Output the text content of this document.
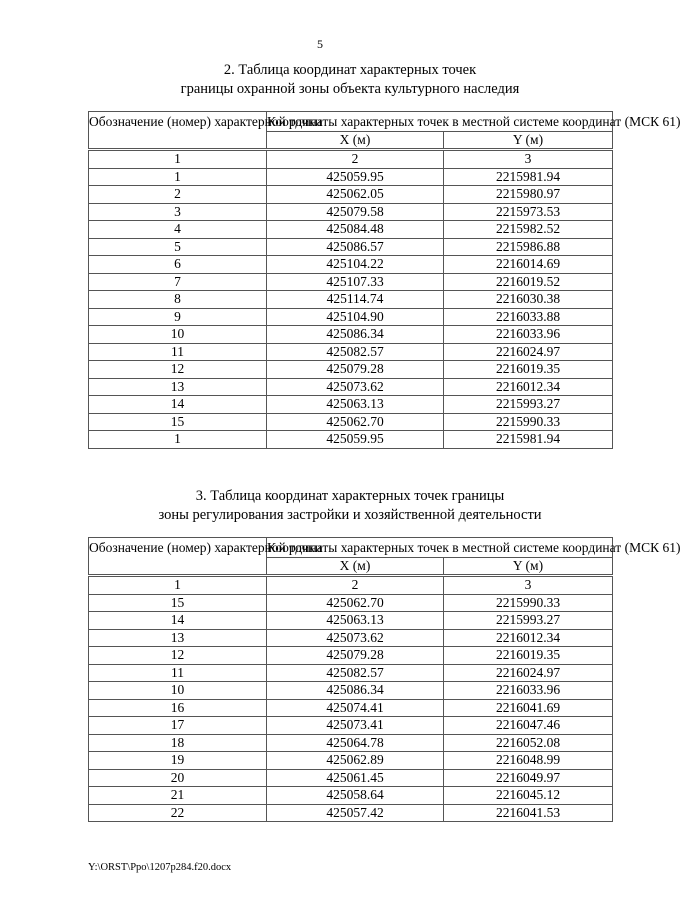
5
2. Таблица координат характерных точек
границы охранной зоны объекта культурного наследия
Обозначение (номер) характерной точки	Координаты характерных точек в местной системе координат (МСК 61)	
	X (м)	Y (м)
1	2	3
1	425059.95	2215981.94
2	425062.05	2215980.97
3	425079.58	2215973.53
4	425084.48	2215982.52
5	425086.57	2215986.88
6	425104.22	2216014.69
7	425107.33	2216019.52
8	425114.74	2216030.38
9	425104.90	2216033.88
10	425086.34	2216033.96
11	425082.57	2216024.97
12	425079.28	2216019.35
13	425073.62	2216012.34
14	425063.13	2215993.27
15	425062.70	2215990.33
1	425059.95	2215981.94
3. Таблица координат характерных точек границы
зоны регулирования застройки и хозяйственной деятельности
Обозначение (номер) характерной точки	Координаты характерных точек в местной системе координат (МСК 61)	
	X (м)	Y (м)
1	2	3
15	425062.70	2215990.33
14	425063.13	2215993.27
13	425073.62	2216012.34
12	425079.28	2216019.35
11	425082.57	2216024.97
10	425086.34	2216033.96
16	425074.41	2216041.69
17	425073.41	2216047.46
18	425064.78	2216052.08
19	425062.89	2216048.99
20	425061.45	2216049.97
21	425058.64	2216045.12
22	425057.42	2216041.53
Y:\ORST\Ppo\1207p284.f20.docx
